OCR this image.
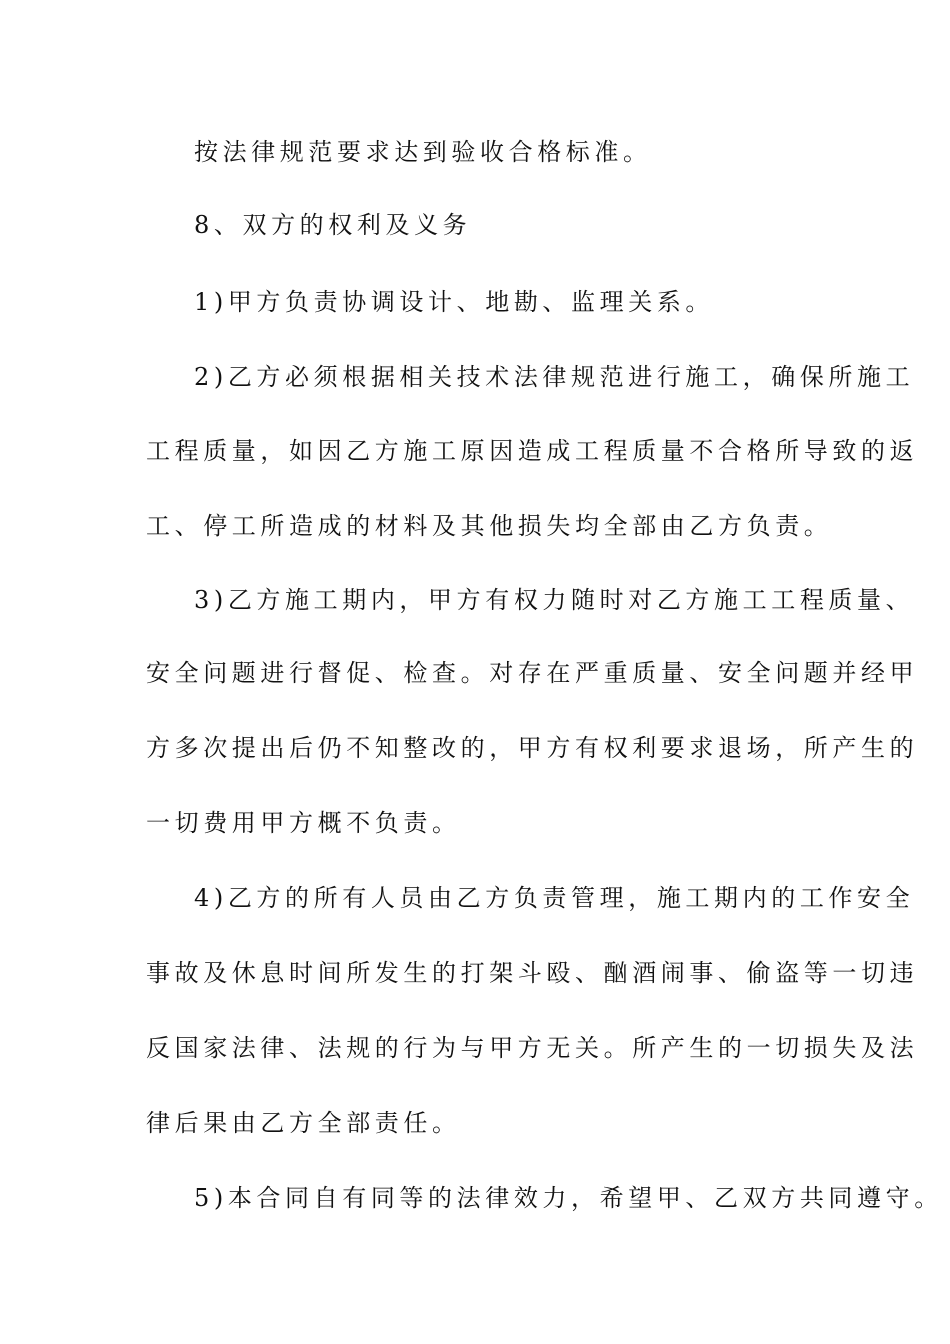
按法律规范要求达到验收合格标准。
8、双方的权利及义务
1)甲方负责协调设计、地勘、监理关系。
2)乙方必须根据相关技术法律规范进行施工，确保所施工
工程质量，如因乙方施工原因造成工程质量不合格所导致的返
工、停工所造成的材料及其他损失均全部由乙方负责。
3)乙方施工期内，甲方有权力随时对乙方施工工程质量、
安全问题进行督促、检查。对存在严重质量、安全问题并经甲
方多次提出后仍不知整改的，甲方有权利要求退场，所产生的
一切费用甲方概不负责。
4)乙方的所有人员由乙方负责管理，施工期内的工作安全
事故及休息时间所发生的打架斗殴、酗酒闹事、偷盗等一切违
反国家法律、法规的行为与甲方无关。所产生的一切损失及法
律后果由乙方全部责任。
5)本合同自有同等的法律效力，希望甲、乙双方共同遵守。
